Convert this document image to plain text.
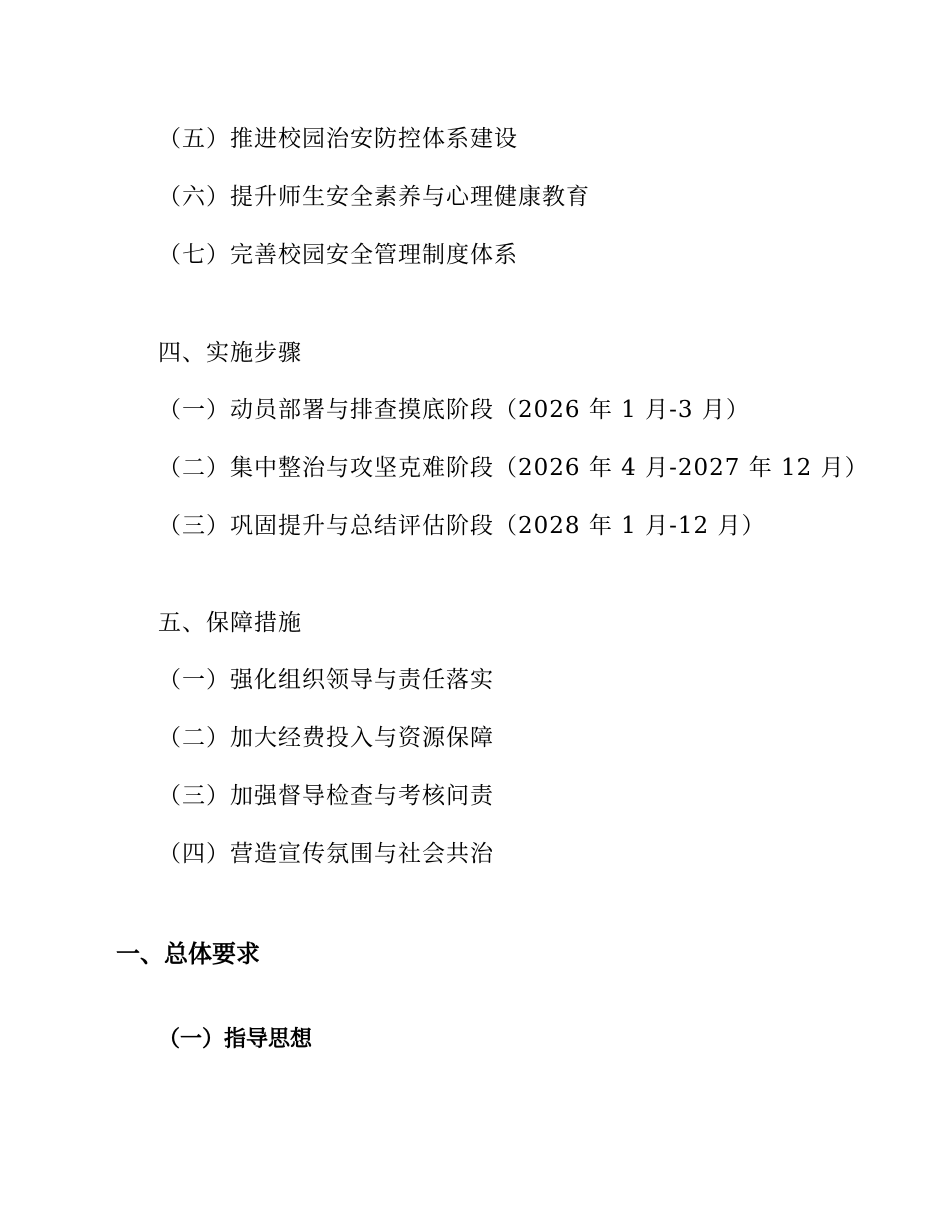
（五）推进校园治安防控体系建设
（六）提升师生安全素养与心理健康教育
（七）完善校园安全管理制度体系
四、实施步骤
（一）动员部署与排查摸底阶段（2026 年 1 月-3 月）
（二）集中整治与攻坚克难阶段（2026 年 4 月-2027 年 12 月）
（三）巩固提升与总结评估阶段（2028 年 1 月-12 月）
五、保障措施
（一）强化组织领导与责任落实
（二）加大经费投入与资源保障
（三）加强督导检查与考核问责
（四）营造宣传氛围与社会共治
一、总体要求
（一）指导思想
